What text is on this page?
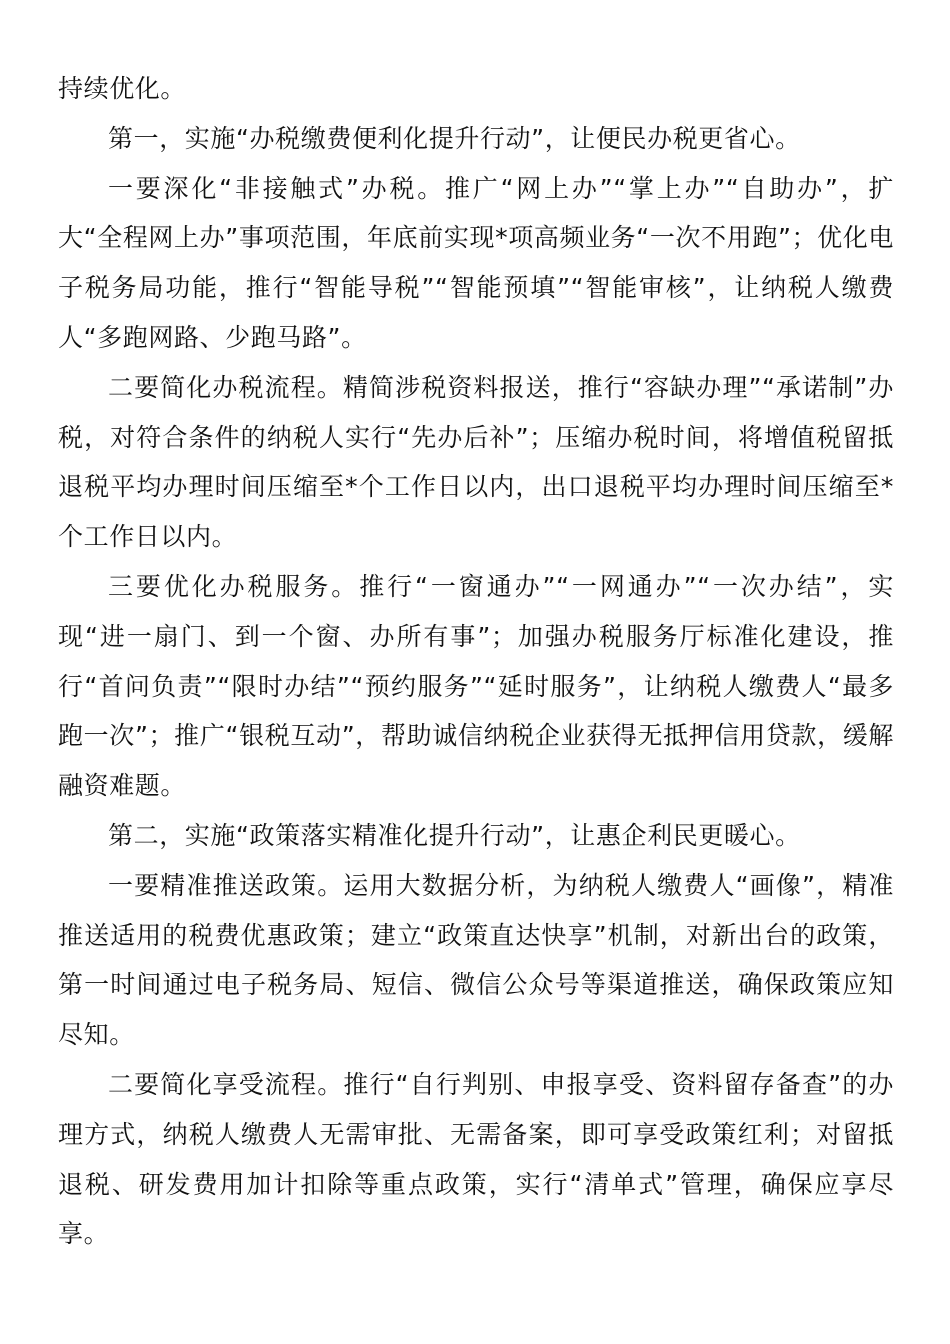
持续优化。

第一，实施“办税缴费便利化提升行动”，让便民办税更省心。

一要深化“非接触式”办税。推广“网上办”“掌上办”“自助办”，扩大“全程网上办”事项范围，年底前实现*项高频业务“一次不用跑”；优化电子税务局功能，推行“智能导税”“智能预填”“智能审核”，让纳税人缴费人“多跑网路、少跑马路”。

二要简化办税流程。精简涉税资料报送，推行“容缺办理”“承诺制”办税，对符合条件的纳税人实行“先办后补”；压缩办税时间，将增值税留抵退税平均办理时间压缩至*个工作日以内，出口退税平均办理时间压缩至*个工作日以内。

三要优化办税服务。推行“一窗通办”“一网通办”“一次办结”，实现“进一扇门、到一个窗、办所有事”；加强办税服务厅标准化建设，推行“首问负责”“限时办结”“预约服务”“延时服务”，让纳税人缴费人“最多跑一次”；推广“银税互动”，帮助诚信纳税企业获得无抵押信用贷款，缓解融资难题。

第二，实施“政策落实精准化提升行动”，让惠企利民更暖心。

一要精准推送政策。运用大数据分析，为纳税人缴费人“画像”，精准推送适用的税费优惠政策；建立“政策直达快享”机制，对新出台的政策，第一时间通过电子税务局、短信、微信公众号等渠道推送，确保政策应知尽知。

二要简化享受流程。推行“自行判别、申报享受、资料留存备查”的办理方式，纳税人缴费人无需审批、无需备案，即可享受政策红利；对留抵退税、研发费用加计扣除等重点政策，实行“清单式”管理，确保应享尽享。
